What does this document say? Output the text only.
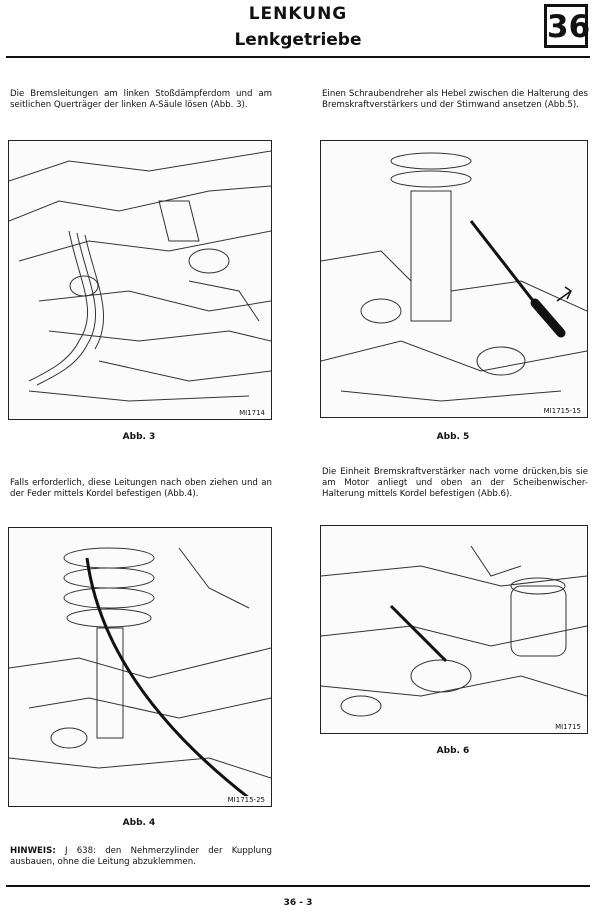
LENKUNG
Lenkgetriebe	36
Die Bremsleitungen am linken Stoßdämpferdom und am seitlichen Querträger der linken A-Säule lösen (Abb. 3).
MI1714
Abb. 3
Falls erforderlich, diese Leitungen nach oben ziehen und an der Feder mittels Kordel befestigen (Abb.4).
MI1715-25
Abb. 4
HINWEIS: J 638: den Nehmerzylinder der Kupplung ausbauen, ohne die Leitung abzuklemmen.
Einen Schraubendreher als Hebel zwischen die Halterung des Bremskraftverstärkers und der Stirnwand ansetzen (Abb.5).
MI1715-15
Abb. 5
Die Einheit Bremskraftverstärker nach vorne drücken,bis sie am Motor anliegt und oben an der Scheibenwischer-Halterung mittels Kordel befestigen (Abb.6).
MI1715
Abb. 6
36 - 3
